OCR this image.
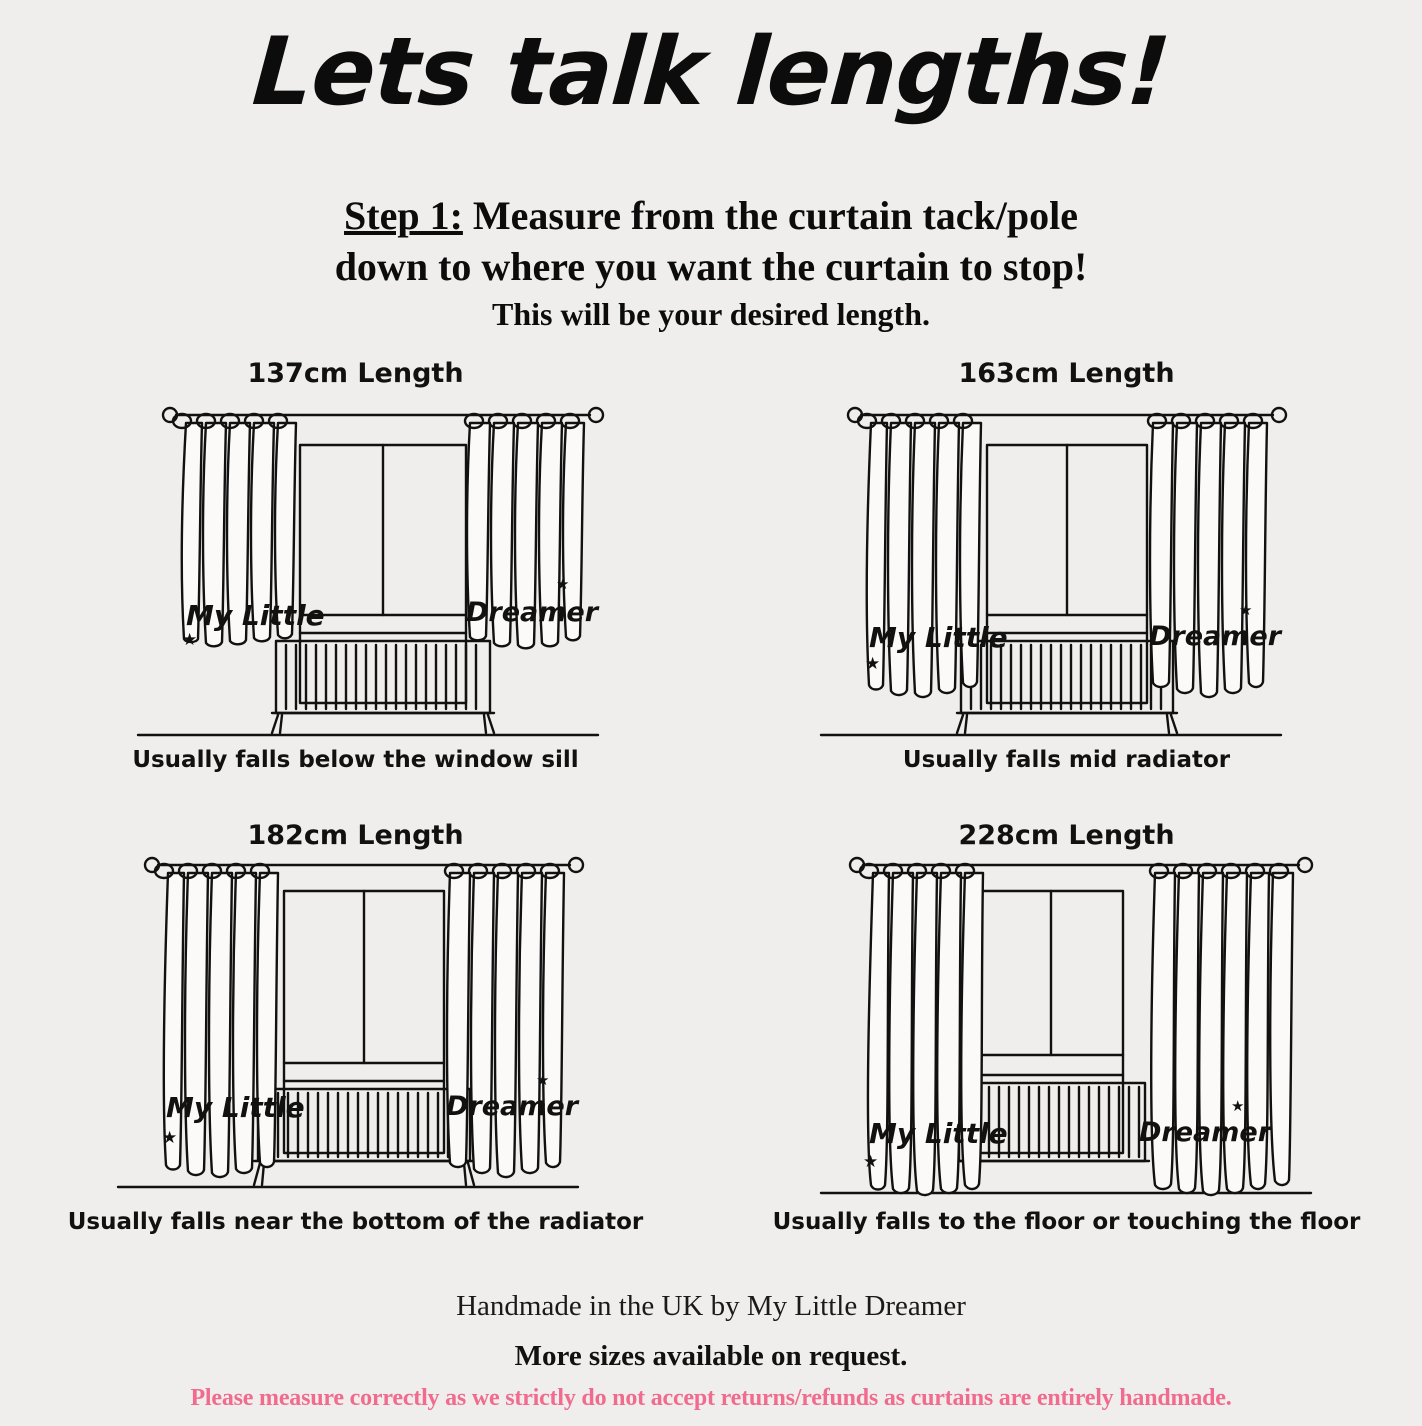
Lets talk lengths!
Step 1: Measure from the curtain tack/pole
down to where you want the curtain to stop!
This will be your desired length.
137cm Length
My Little	Dreamer
★
★
Usually falls below the window sill
163cm Length
My Little	Dreamer
★
★
Usually falls mid radiator
182cm Length
My Little	Dreamer
★
★
Usually falls near the bottom of the radiator
228cm Length
My Little	Dreamer
★
★
Usually falls to the floor or touching the floor
Handmade in the UK by My Little Dreamer
More sizes available on request.
Please measure correctly as we strictly do not accept returns/refunds as curtains are entirely handmade.
